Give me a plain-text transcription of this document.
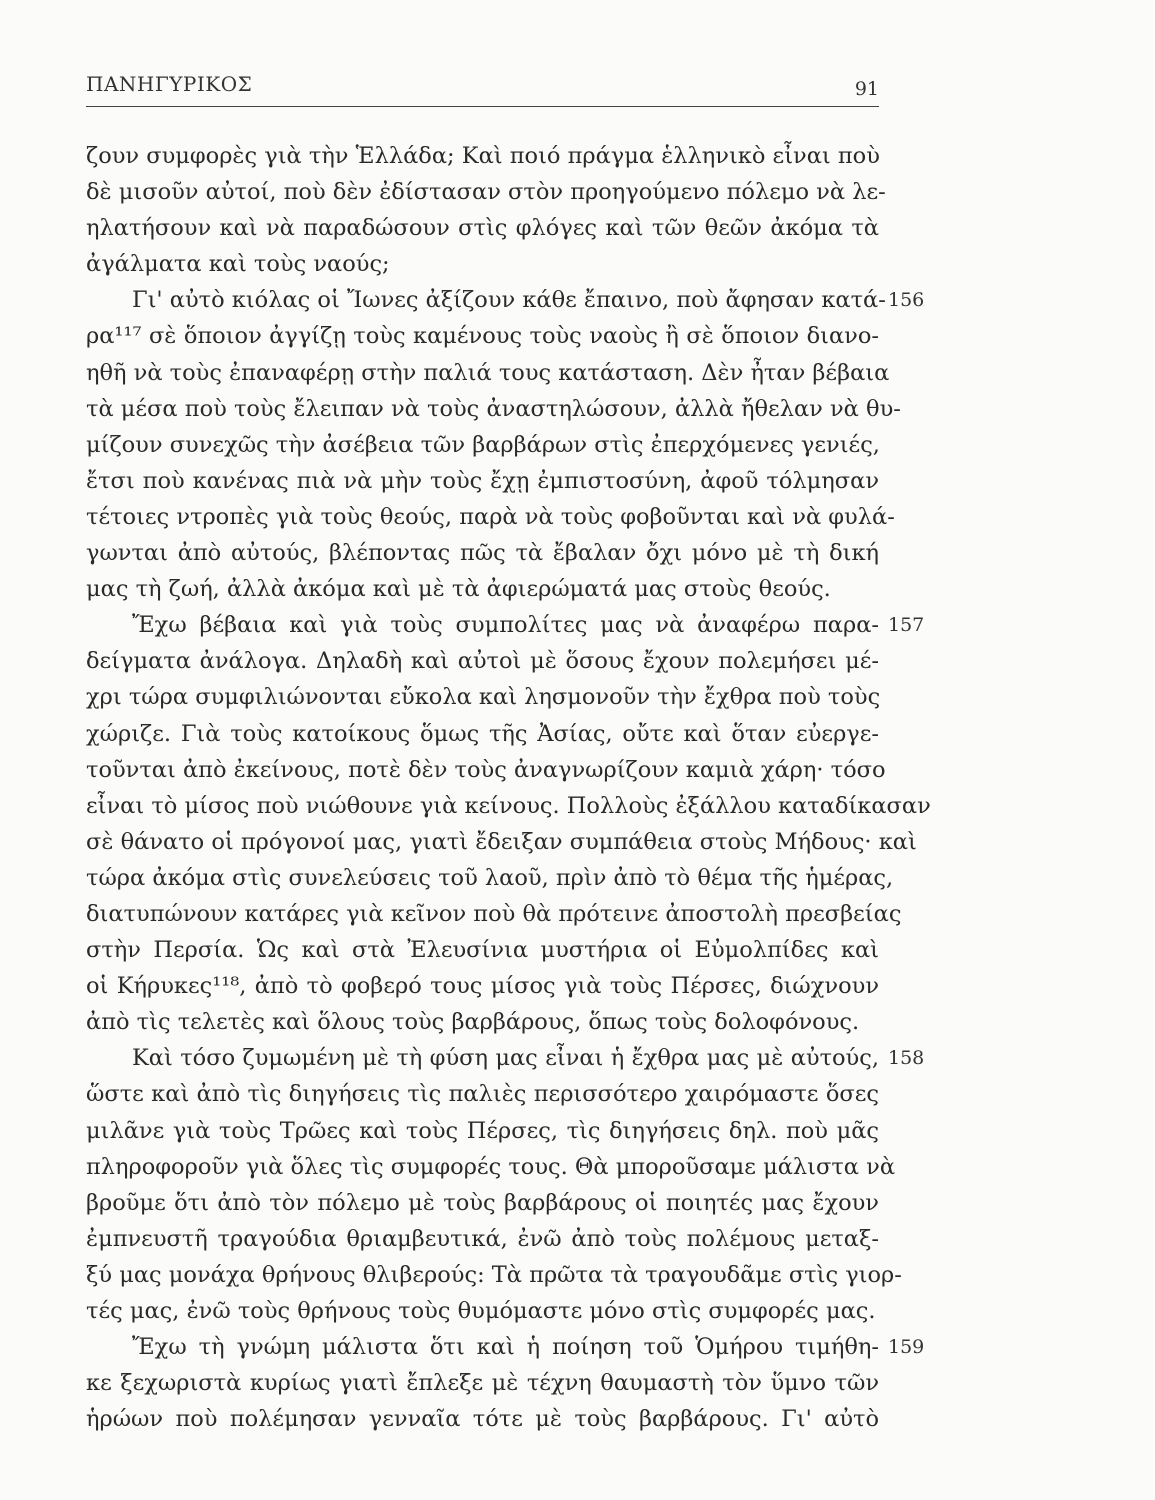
ΠΑΝΗΓΥΡΙΚΟΣ	91
ζουν συμφορὲς γιὰ τὴν Ἑλλάδα; Καὶ ποιό πράγμα ἑλληνικὸ εἶναι ποὺ
δὲ μισοῦν αὐτοί, ποὺ δὲν ἐδίστασαν στὸν προηγούμενο πόλεμο νὰ λε-
ηλατήσουν καὶ νὰ παραδώσουν στὶς φλόγες καὶ τῶν θεῶν ἀκόμα τὰ
ἀγάλματα καὶ τοὺς ναούς;
Γι' αὐτὸ κιόλας οἱ Ἴωνες ἀξίζουν κάθε ἔπαινο, ποὺ ἄφησαν κατά- 156
ρα¹¹⁷ σὲ ὅποιον ἀγγίζῃ τοὺς καμένους τοὺς ναοὺς ἢ σὲ ὅποιον διανο-
ηθῆ νὰ τοὺς ἐπαναφέρῃ στὴν παλιά τους κατάσταση. Δὲν ἦταν βέβαια
τὰ μέσα ποὺ τοὺς ἔλειπαν νὰ τοὺς ἀναστηλώσουν, ἀλλὰ ἤθελαν νὰ θυ-
μίζουν συνεχῶς τὴν ἀσέβεια τῶν βαρβάρων στὶς ἐπερχόμενες γενιές,
ἔτσι ποὺ κανένας πιὰ νὰ μὴν τοὺς ἔχῃ ἐμπιστοσύνη, ἀφοῦ τόλμησαν
τέτοιες ντροπὲς γιὰ τοὺς θεούς, παρὰ νὰ τοὺς φοβοῦνται καὶ νὰ φυλά-
γωνται ἀπὸ αὐτούς, βλέποντας πῶς τὰ ἔβαλαν ὄχι μόνο μὲ τὴ δική
μας τὴ ζωή, ἀλλὰ ἀκόμα καὶ μὲ τὰ ἀφιερώματά μας στοὺς θεούς.
Ἔχω βέβαια καὶ γιὰ τοὺς συμπολίτες μας νὰ ἀναφέρω παρα- 157
δείγματα ἀνάλογα. Δηλαδὴ καὶ αὐτοὶ μὲ ὅσους ἔχουν πολεμήσει μέ-
χρι τώρα συμφιλιώνονται εὔκολα καὶ λησμονοῦν τὴν ἔχθρα ποὺ τοὺς
χώριζε. Γιὰ τοὺς κατοίκους ὅμως τῆς Ἀσίας, οὔτε καὶ ὅταν εὐεργε-
τοῦνται ἀπὸ ἐκείνους, ποτὲ δὲν τοὺς ἀναγνωρίζουν καμιὰ χάρη· τόσο
εἶναι τὸ μίσος ποὺ νιώθουνε γιὰ κείνους. Πολλοὺς ἐξάλλου καταδίκασαν
σὲ θάνατο οἱ πρόγονοί μας, γιατὶ ἔδειξαν συμπάθεια στοὺς Μήδους· καὶ
τώρα ἀκόμα στὶς συνελεύσεις τοῦ λαοῦ, πρὶν ἀπὸ τὸ θέμα τῆς ἡμέρας,
διατυπώνουν κατάρες γιὰ κεῖνον ποὺ θὰ πρότεινε ἀποστολὴ πρεσβείας
στὴν Περσία. Ὡς καὶ στὰ Ἐλευσίνια μυστήρια οἱ Εὐμολπίδες καὶ
οἱ Κήρυκες¹¹⁸, ἀπὸ τὸ φοβερό τους μίσος γιὰ τοὺς Πέρσες, διώχνουν
ἀπὸ τὶς τελετὲς καὶ ὅλους τοὺς βαρβάρους, ὅπως τοὺς δολοφόνους.
Καὶ τόσο ζυμωμένη μὲ τὴ φύση μας εἶναι ἡ ἔχθρα μας μὲ αὐτούς, 158
ὥστε καὶ ἀπὸ τὶς διηγήσεις τὶς παλιὲς περισσότερο χαιρόμαστε ὅσες
μιλᾶνε γιὰ τοὺς Τρῶες καὶ τοὺς Πέρσες, τὶς διηγήσεις δηλ. ποὺ μᾶς
πληροφοροῦν γιὰ ὅλες τὶς συμφορές τους. Θὰ μποροῦσαμε μάλιστα νὰ
βροῦμε ὅτι ἀπὸ τὸν πόλεμο μὲ τοὺς βαρβάρους οἱ ποιητές μας ἔχουν
ἐμπνευστῆ τραγούδια θριαμβευτικά, ἐνῶ ἀπὸ τοὺς πολέμους μεταξ-
ξύ μας μονάχα θρήνους θλιβερούς: Τὰ πρῶτα τὰ τραγουδᾶμε στὶς γιορ-
τές μας, ἐνῶ τοὺς θρήνους τοὺς θυμόμαστε μόνο στὶς συμφορές μας.
Ἔχω τὴ γνώμη μάλιστα ὅτι καὶ ἡ ποίηση τοῦ Ὁμήρου τιμήθη- 159
κε ξεχωριστὰ κυρίως γιατὶ ἔπλεξε μὲ τέχνη θαυμαστὴ τὸν ὕμνο τῶν
ἡρώων ποὺ πολέμησαν γενναῖα τότε μὲ τοὺς βαρβάρους. Γι' αὐτὸ
